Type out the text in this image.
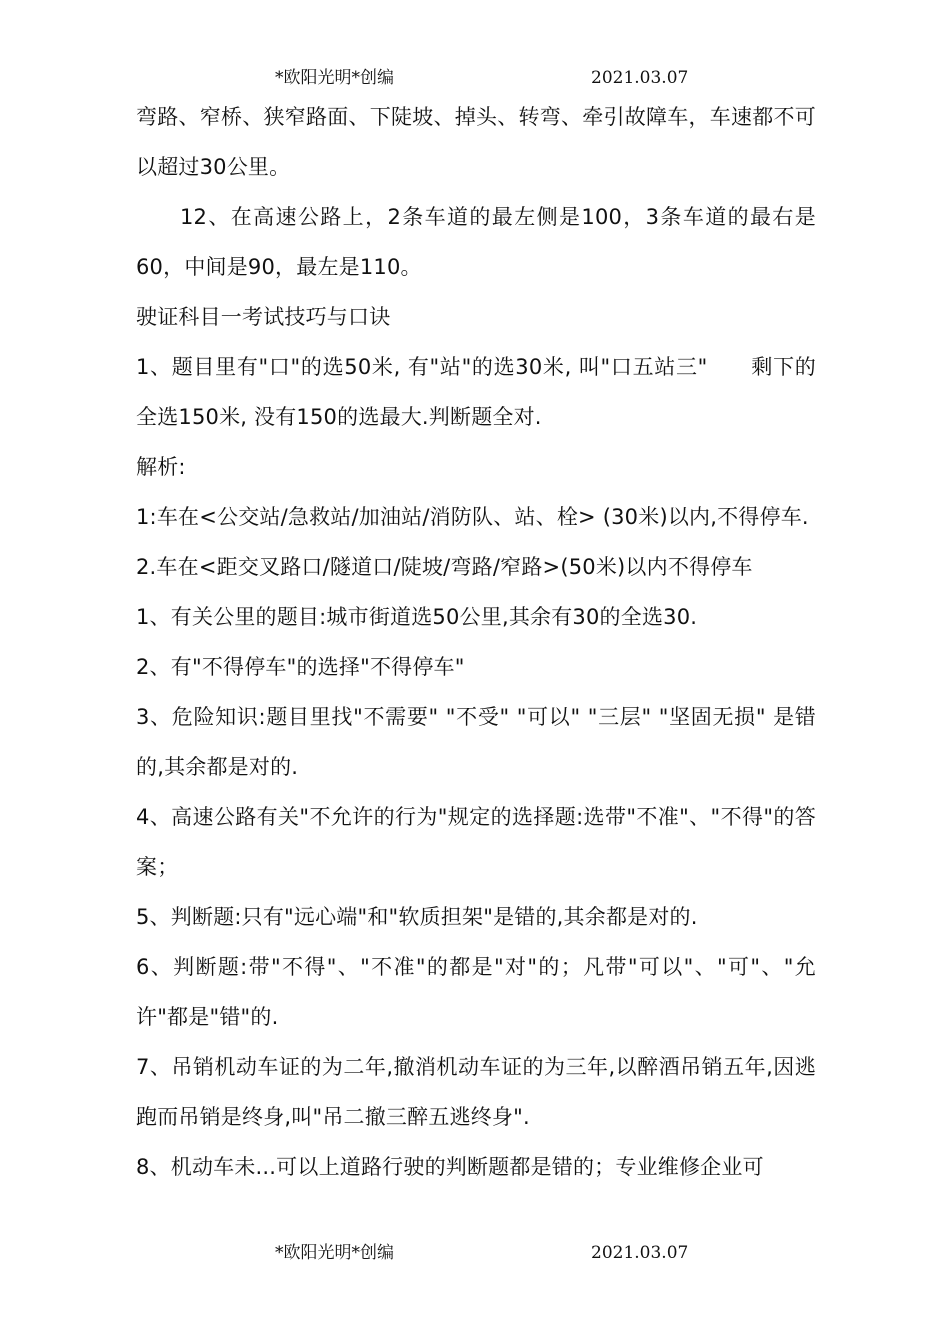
*欧阳光明*创编	2021.03.07

弯路、窄桥、狭窄路面、下陡坡、掉头、转弯、牵引故障车，车速都不可以超过30公里。

12、在高速公路上，2条车道的最左侧是100，3条车道的最右是60，中间是90，最左是110。

驶证科目一考试技巧与口诀

1、题目里有"口"的选50米, 有"站"的选30米, 叫"口五站三"　　剩下的全选150米, 没有150的选最大.判断题全对.

解析:

1:车在<公交站/急救站/加油站/消防队、站、栓> (30米)以内,不得停车.

2.车在<距交叉路口/隧道口/陡坡/弯路/窄路>(50米)以内不得停车

1、有关公里的题目:城市街道选50公里,其余有30的全选30.

2、有"不得停车"的选择"不得停车"

3、危险知识:题目里找"不需要" "不受" "可以" "三层" "坚固无损" 是错的,其余都是对的.

4、高速公路有关"不允许的行为"规定的选择题:选带"不准"、"不得"的答案；

5、判断题:只有"远心端"和"软质担架"是错的,其余都是对的.

6、判断题:带"不得"、"不准"的都是"对"的；凡带"可以"、"可"、"允许"都是"错"的.

7、吊销机动车证的为二年,撤消机动车证的为三年,以醉酒吊销五年,因逃跑而吊销是终身,叫"吊二撤三醉五逃终身".

8、机动车未...可以上道路行驶的判断题都是错的；专业维修企业可

*欧阳光明*创编	2021.03.07
